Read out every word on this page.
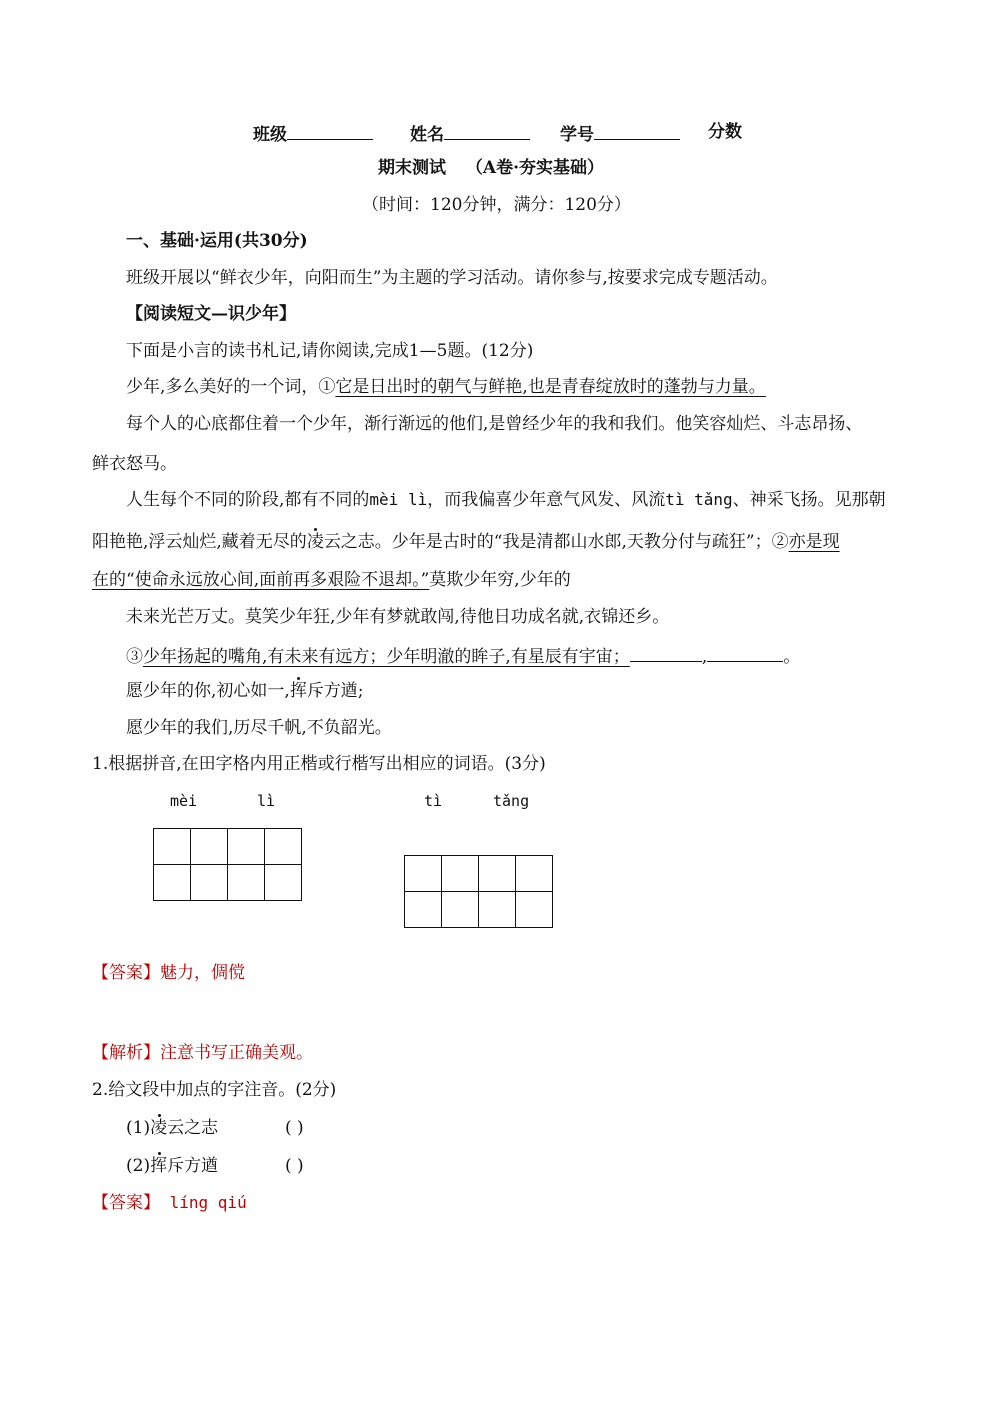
班级	姓名	学号	分数
期末测试 （A卷·夯实基础）
（时间：120分钟，满分：120分）
一、基础·运用(共30分)
班级开展以“鲜衣少年，向阳而生”为主题的学习活动。请你参与,按要求完成专题活动。
【阅读短文—识少年】
下面是小言的读书札记,请你阅读,完成1—5题。(12分)
少年,多么美好的一个词，①它是日出时的朝气与鲜艳,也是青春绽放时的蓬勃与力量。
每个人的心底都住着一个少年，渐行渐远的他们,是曾经少年的我和我们。他笑容灿烂、斗志昂扬、
鲜衣怒马。
人生每个不同的阶段,都有不同的mèi lì，而我偏喜少年意气风发、风流tì tǎng、神采飞扬。见那朝
阳艳艳,浮云灿烂,藏着无尽的凌云之志。少年是古时的“我是清都山水郎,天教分付与疏狂”；②亦是现
在的“使命永远放心间,面前再多艰险不退却。”莫欺少年穷,少年的
未来光芒万丈。莫笑少年狂,少年有梦就敢闯,待他日功成名就,衣锦还乡。
③少年扬起的嘴角,有未来有远方；少年明澈的眸子,有星辰有宇宙；	,	。
愿少年的你,初心如一,挥斥方遒;
愿少年的我们,历尽千帆,不负韶光。
1.根据拼音,在田字格内用正楷或行楷写出相应的词语。(3分)
mèi	lì	tì	tǎng
【答案】魅力，倜傥
【解析】注意书写正确美观。
2.给文段中加点的字注音。(2分)
(1)凌云之志	( )
(2)挥斥方遒	( )
【答案】 líng qiú
